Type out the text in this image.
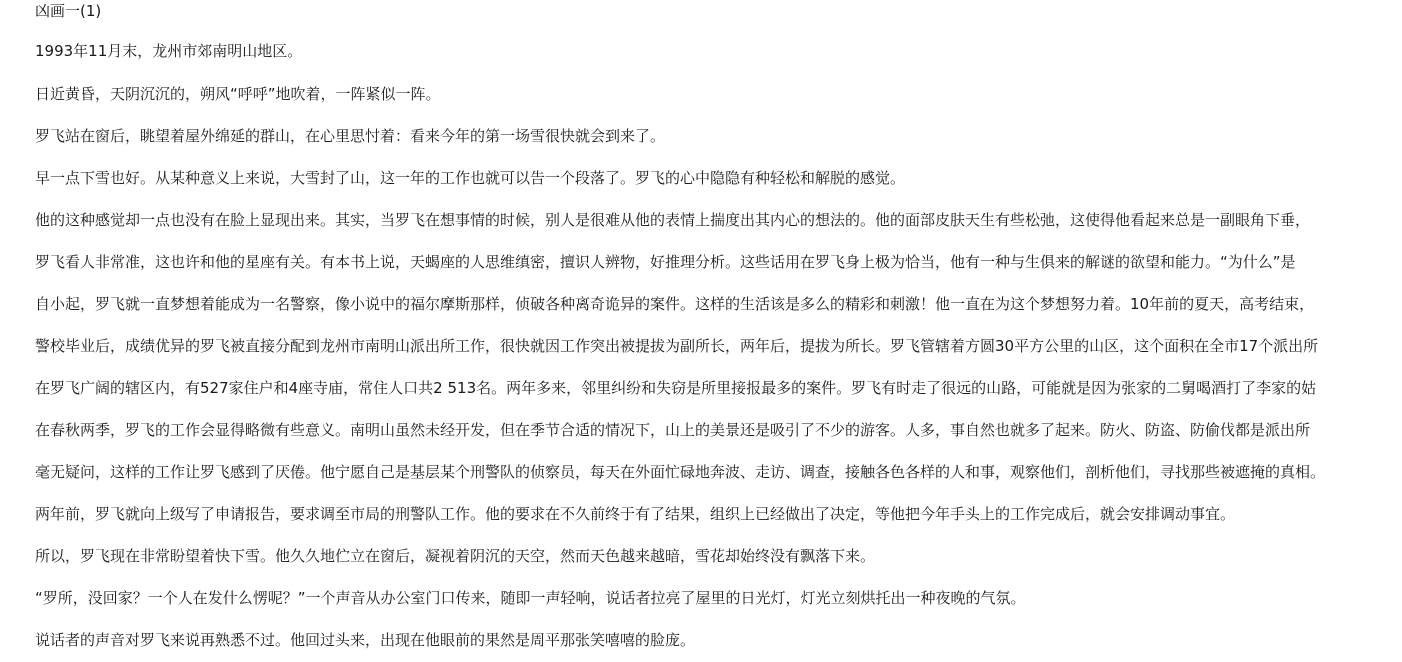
凶画一(1)

1993年11月末，龙州市郊南明山地区。

日近黄昏，天阴沉沉的，朔风“呼呼”地吹着，一阵紧似一阵。

罗飞站在窗后，眺望着屋外绵延的群山，在心里思忖着：看来今年的第一场雪很快就会到来了。

早一点下雪也好。从某种意义上来说，大雪封了山，这一年的工作也就可以告一个段落了。罗飞的心中隐隐有种轻松和解脱的感觉。

他的这种感觉却一点也没有在脸上显现出来。其实，当罗飞在想事情的时候，别人是很难从他的表情上揣度出其内心的想法的。他的面部皮肤天生有些松弛，这使得他看起来总是一副眼角下垂，

罗飞看人非常准，这也许和他的星座有关。有本书上说，天蝎座的人思维缜密，擅识人辨物，好推理分析。这些话用在罗飞身上极为恰当，他有一种与生俱来的解谜的欲望和能力。“为什么”是

自小起，罗飞就一直梦想着能成为一名警察，像小说中的福尔摩斯那样，侦破各种离奇诡异的案件。这样的生活该是多么的精彩和刺激！他一直在为这个梦想努力着。10年前的夏天，高考结束，

警校毕业后，成绩优异的罗飞被直接分配到龙州市南明山派出所工作，很快就因工作突出被提拔为副所长，两年后，提拔为所长。罗飞管辖着方圆30平方公里的山区，这个面积在全市17个派出所

在罗飞广阔的辖区内，有527家住户和4座寺庙，常住人口共2 513名。两年多来，邻里纠纷和失窃是所里接报最多的案件。罗飞有时走了很远的山路，可能就是因为张家的二舅喝酒打了李家的姑

在春秋两季，罗飞的工作会显得略微有些意义。南明山虽然未经开发，但在季节合适的情况下，山上的美景还是吸引了不少的游客。人多，事自然也就多了起来。防火、防盗、防偷伐都是派出所

毫无疑问，这样的工作让罗飞感到了厌倦。他宁愿自己是基层某个刑警队的侦察员，每天在外面忙碌地奔波、走访、调查，接触各色各样的人和事，观察他们，剖析他们，寻找那些被遮掩的真相。

两年前，罗飞就向上级写了申请报告，要求调至市局的刑警队工作。他的要求在不久前终于有了结果，组织上已经做出了决定，等他把今年手头上的工作完成后，就会安排调动事宜。

所以，罗飞现在非常盼望着快下雪。他久久地伫立在窗后，凝视着阴沉的天空，然而天色越来越暗，雪花却始终没有飘落下来。

“罗所，没回家？一个人在发什么愣呢？”一个声音从办公室门口传来，随即一声轻响，说话者拉亮了屋里的日光灯，灯光立刻烘托出一种夜晚的气氛。

说话者的声音对罗飞来说再熟悉不过。他回过头来，出现在他眼前的果然是周平那张笑嘻嘻的脸庞。
